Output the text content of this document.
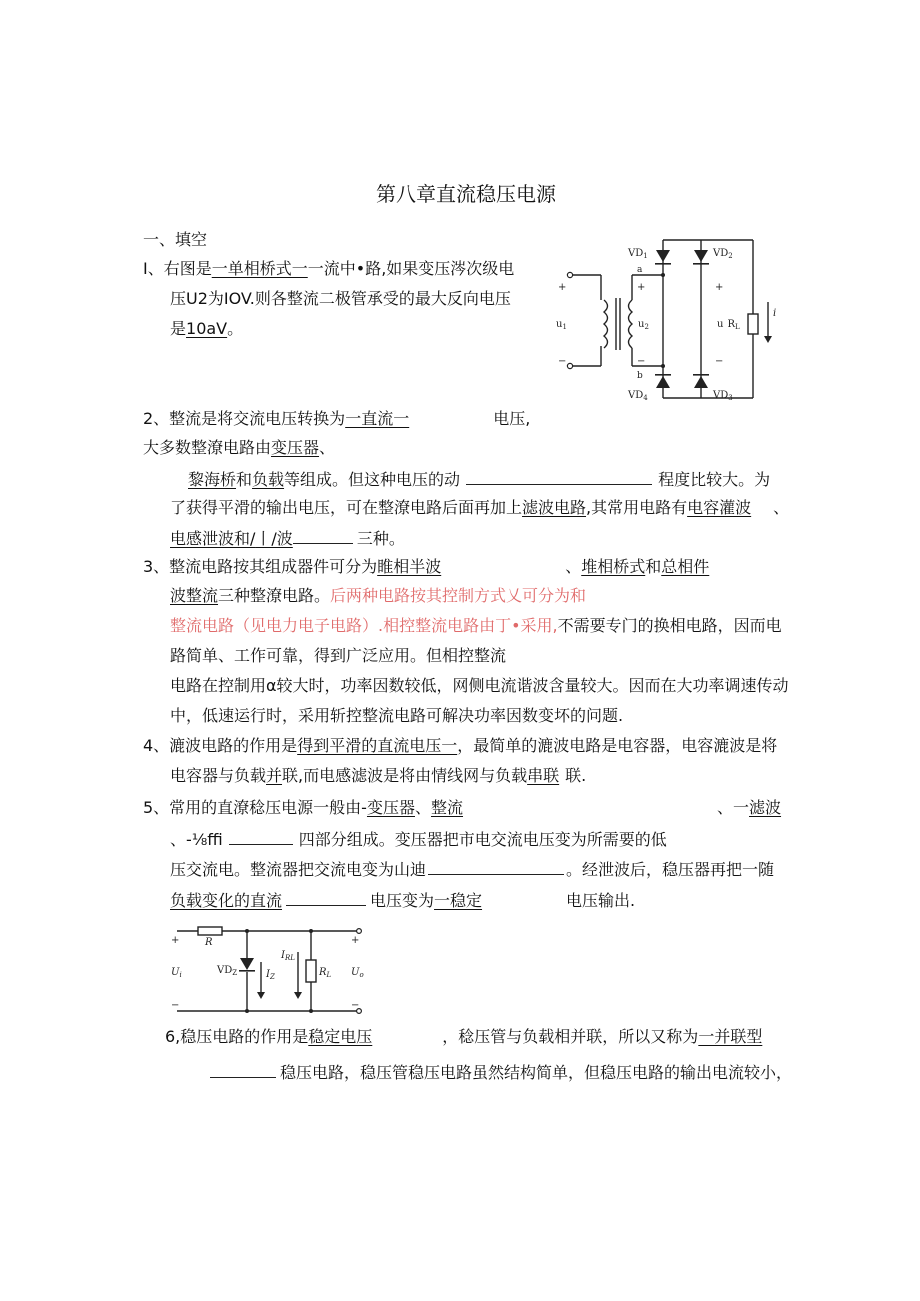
第八章直流稳压电源
一、填空
I、右图是一单相桥式一一流中•路,如果变压涔次级电
压U2为IOV.则各整流二极管承受的最大反向电压
是10aV。
$VD_1$	$VD_2$
$VD_4$	$VD_3$
a
b
+
−
$u_1$
+
−
$u_2$
+
−
u $R_L$
i
2、整流是将交流电压转换为一直流一	电压,
大多数整潦电路由变压器、
黎海桥和负载等组成。但这种电压的动	程度比较大。为
了获得平滑的输出电压，可在整潦电路后面再加上滤波电路,其常用电路有电容灌波 、
电感泄波和/丨/波	三种。
3、整流电路按其组成器件可分为睢相半波	、堆相桥式和总相件
波整流三种整潦电路。后两种电路按其控制方式乂可分为和
整流电路（见电力电子电路）.相控整流电路由丁•采用,不需要专门的换相电路，因而电
路简单、工作可靠，得到广泛应用。但相控整流
电路在控制用α较大时，功率因数较低，网侧电流谐波含量较大。因而在大功率调速传动
中，低速运行时，采用斩控整流电路可解决功率因数变坏的问题.
4、漉波电路的作用是得到平滑的直流电压一，最简单的漉波电路是电容器，电容漉波是将
电容器与负载并联,而电感滤波是将由情线网与负载串联 联.
5、常用的直潦稔压电源一般由-变压器、整流	、一滤波
、-⅛ffi	四部分组成。变压器把市电交流电压变为所需要的低
压交流电。整流器把交流电变为山迪	。经泄波后，稳压器再把一随
负载变化的直流	电压变为一稳定	电压输出.
+	+
−	−
R
$VD_Z$	$I_Z$
$I_{RL}$
$R_L$
$U_i$	$U_o$
6,稳压电路的作用是稳定电压	，稔压管与负载相并联，所以又称为一并联型
稳压电路，稳压管稳压电路虽然结构简单，但稳压电路的输出电流较小，
